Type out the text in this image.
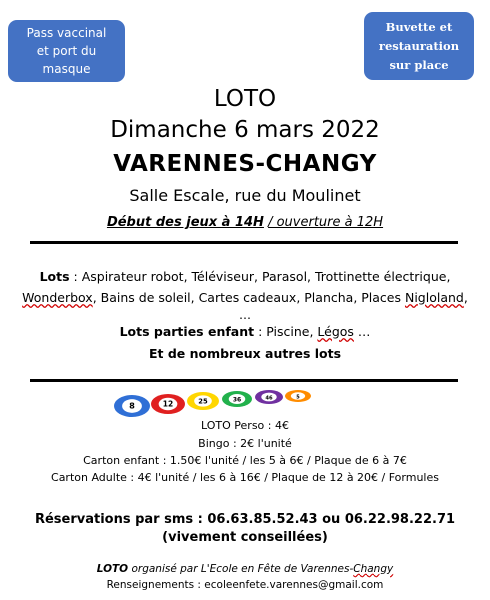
Pass vaccinal
et port du
masque
Buvette et
restauration
sur place
LOTO
Dimanche 6 mars 2022
VARENNES-CHANGY
Salle Escale, rue du Moulinet
Début des jeux à 14H / ouverture à 12H
Lots : Aspirateur robot, Téléviseur, Parasol, Trottinette électrique,
Wonderbox, Bains de soleil, Cartes cadeaux, Plancha, Places Nigloland,
…
Lots parties enfant : Piscine, Légos …
Et de nombreux autres lots
5
46
36
25
12
8
LOTO Perso : 4€
Bingo : 2€ l'unité
Carton enfant : 1.50€ l'unité / les 5 à 6€ / Plaque de 6 à 7€
Carton Adulte : 4€ l'unité / les 6 à 16€ / Plaque de 12 à 20€ / Formules
Réservations par sms : 06.63.85.52.43 ou 06.22.98.22.71
(vivement conseillées)
LOTO organisé par L'Ecole en Fête de Varennes-Changy
Renseignements : ecoleenfete.varennes@gmail.com
